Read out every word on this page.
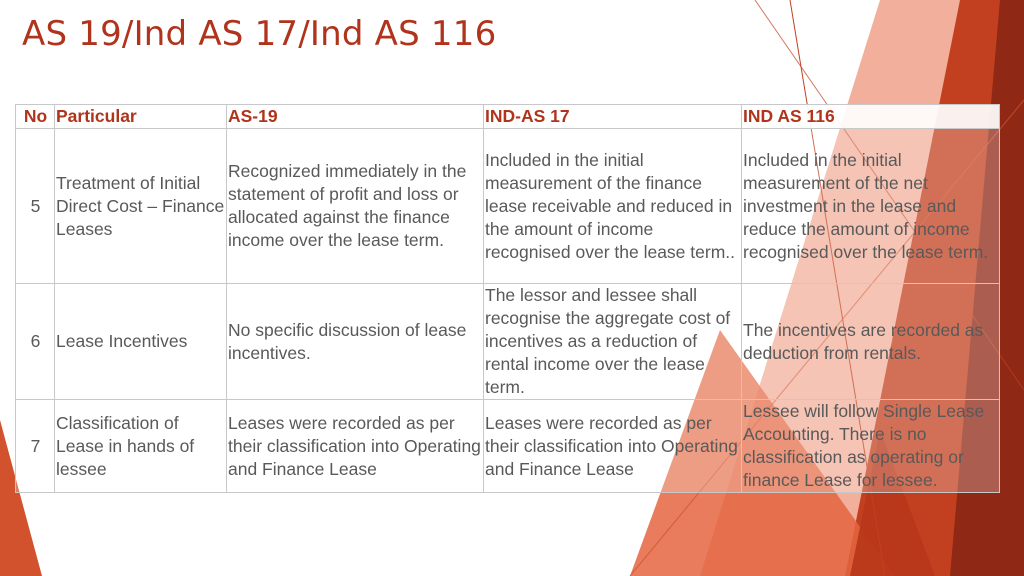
AS 19/Ind AS 17/Ind AS 116
No	Particular	AS-19	IND-AS 17	IND AS 116
5	Treatment of Initial Direct Cost – Finance Leases	Recognized immediately in the statement of profit and loss or allocated against the finance income over the lease term.	Included in the initial measurement of the finance lease receivable and reduced in the amount of income recognised over the lease term..	Included in the initial measurement of the net investment in the lease and reduce the amount of income recognised over the lease term.
6	Lease Incentives	No specific discussion of lease incentives.	The lessor and lessee shall recognise the aggregate cost of incentives as a reduction of rental income over the lease term.	The incentives are recorded as deduction from rentals.
7	Classification of Lease in hands of lessee	Leases were recorded as per their classification into Operating and Finance Lease	Leases were recorded as per their classification into Operating and Finance Lease	Lessee will follow Single Lease Accounting. There is no classification as operating or finance Lease for lessee.
